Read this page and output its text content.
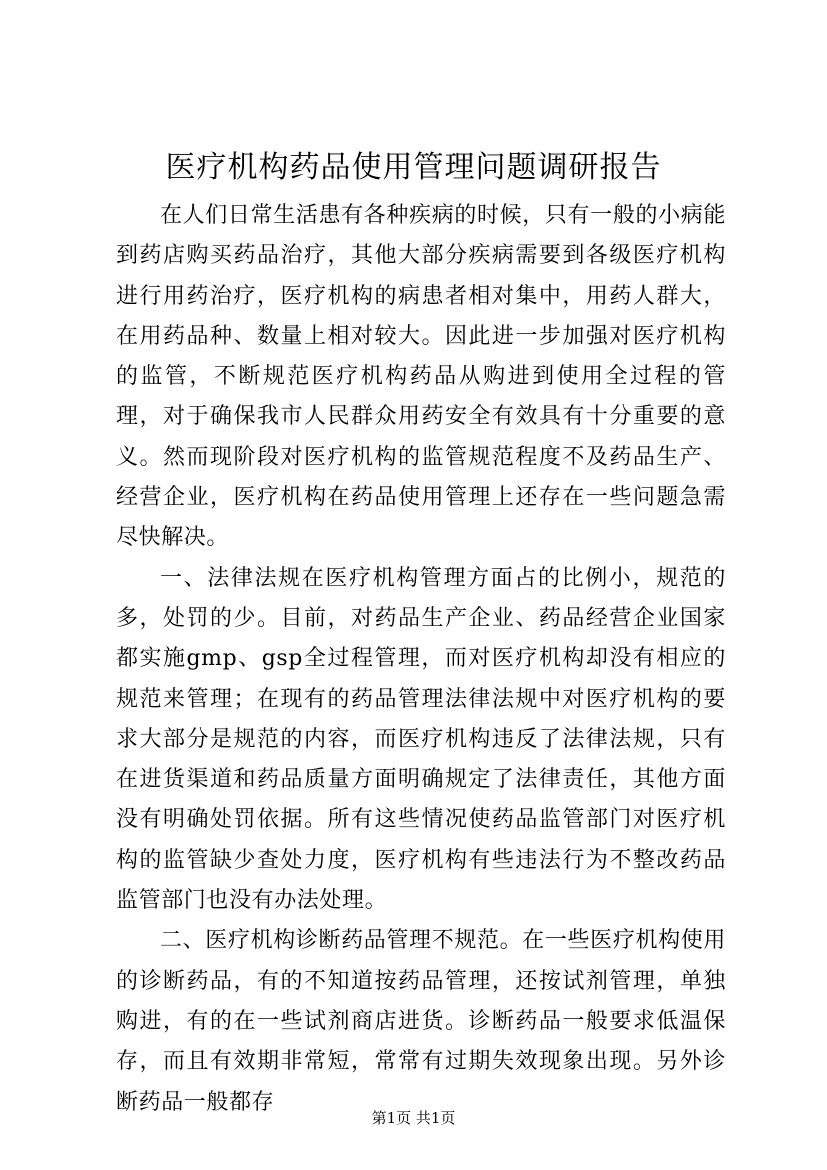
医疗机构药品使用管理问题调研报告

在人们日常生活患有各种疾病的时候，只有一般的小病能到药店购买药品治疗，其他大部分疾病需要到各级医疗机构进行用药治疗，医疗机构的病患者相对集中，用药人群大，在用药品种、数量上相对较大。因此进一步加强对医疗机构的监管，不断规范医疗机构药品从购进到使用全过程的管理，对于确保我市人民群众用药安全有效具有十分重要的意义。然而现阶段对医疗机构的监管规范程度不及药品生产、经营企业，医疗机构在药品使用管理上还存在一些问题急需尽快解决。

一、法律法规在医疗机构管理方面占的比例小，规范的多，处罚的少。目前，对药品生产企业、药品经营企业国家都实施gmp、gsp全过程管理，而对医疗机构却没有相应的规范来管理；在现有的药品管理法律法规中对医疗机构的要求大部分是规范的内容，而医疗机构违反了法律法规，只有在进货渠道和药品质量方面明确规定了法律责任，其他方面没有明确处罚依据。所有这些情况使药品监管部门对医疗机构的监管缺少查处力度，医疗机构有些违法行为不整改药品监管部门也没有办法处理。

二、医疗机构诊断药品管理不规范。在一些医疗机构使用的诊断药品，有的不知道按药品管理，还按试剂管理，单独购进，有的在一些试剂商店进货。诊断药品一般要求低温保存，而且有效期非常短，常常有过期失效现象出现。另外诊断药品一般都存

第1页 共1页
